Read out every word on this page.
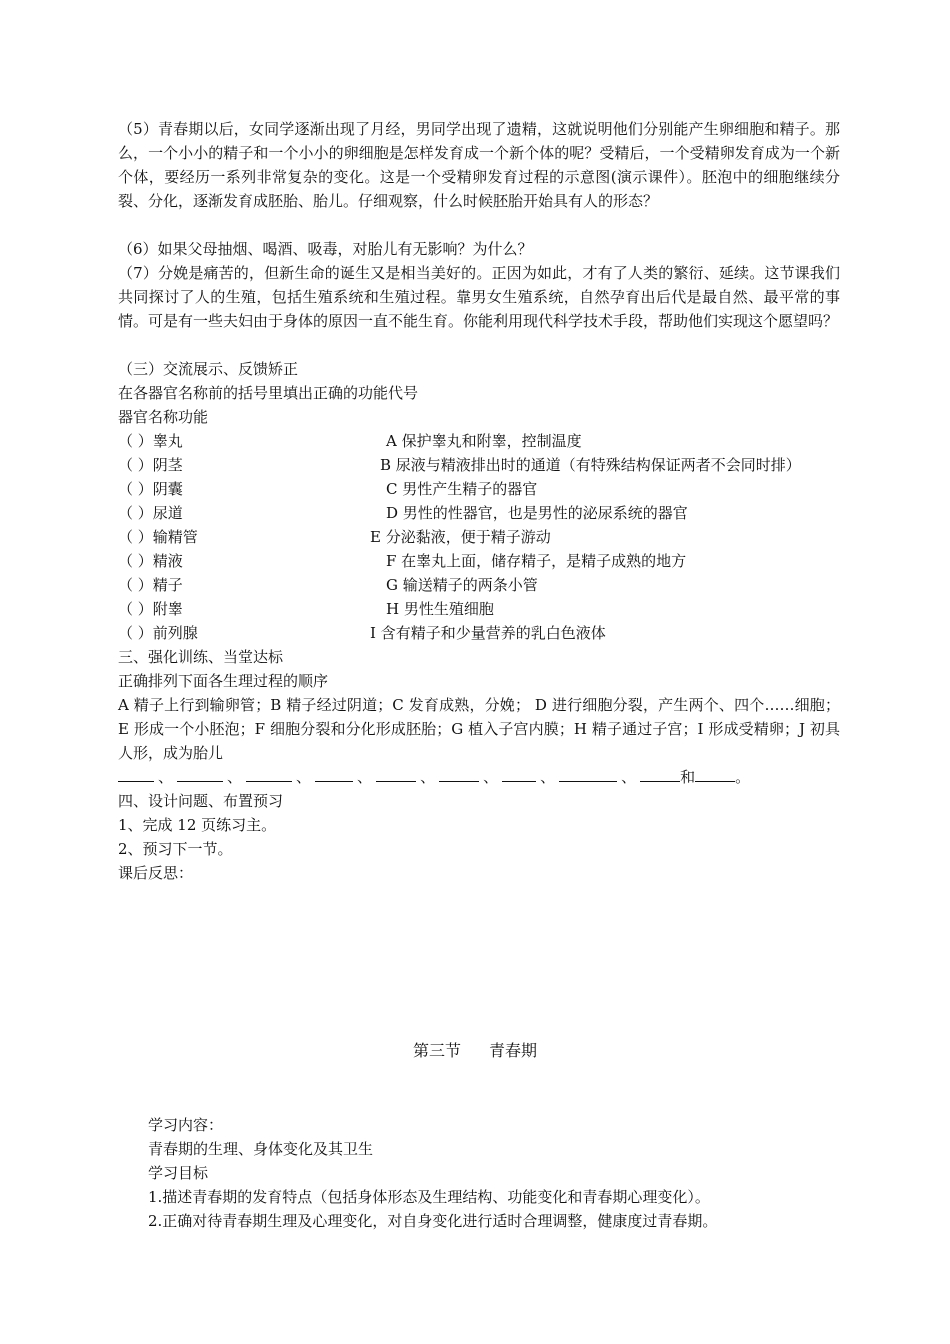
（5）青春期以后，女同学逐渐出现了月经，男同学出现了遗精，这就说明他们分别能产生卵细胞和精子。那么，一个小小的精子和一个小小的卵细胞是怎样发育成一个新个体的呢？受精后，一个受精卵发育成为一个新个体，要经历一系列非常复杂的变化。这是一个受精卵发育过程的示意图(演示课件）。胚泡中的细胞继续分裂、分化，逐渐发育成胚胎、胎儿。仔细观察，什么时候胚胎开始具有人的形态？

（6）如果父母抽烟、喝酒、吸毒，对胎儿有无影响？为什么？

（7）分娩是痛苦的，但新生命的诞生又是相当美好的。正因为如此，才有了人类的繁衍、延续。这节课我们共同探讨了人的生殖，包括生殖系统和生殖过程。靠男女生殖系统，自然孕育出后代是最自然、最平常的事情。可是有一些夫妇由于身体的原因一直不能生育。你能利用现代科学技术手段，帮助他们实现这个愿望吗？

（三）交流展示、反馈矫正
在各器官名称前的括号里填出正确的功能代号
器官名称功能
（ ）睾丸	A 保护睾丸和附睾，控制温度
（ ）阴茎	B 尿液与精液排出时的通道（有特殊结构保证两者不会同时排）
（ ）阴囊	C 男性产生精子的器官
（ ）尿道	D 男性的性器官，也是男性的泌尿系统的器官
（ ）输精管	E 分泌黏液，便于精子游动
（ ）精液	F 在睾丸上面，储存精子，是精子成熟的地方
（ ）精子	G 输送精子的两条小管
（ ）附睾	H 男性生殖细胞
（ ）前列腺	I 含有精子和少量营养的乳白色液体
三、强化训练、当堂达标
正确排列下面各生理过程的顺序

A 精子上行到输卵管；B 精子经过阴道；C 发育成熟，分娩； D 进行细胞分裂，产生两个、四个……细胞；E 形成一个小胚泡；F 细胞分裂和分化形成胚胎；G 植入子宫内膜；H 精子通过子宫；I 形成受精卵；J 初具人形，成为胎儿

、	、	、	、	、	、	、	、	和	。
四、设计问题、布置预习
1、完成 12 页练习主。
2、预习下一节。
课后反思：
第三节 青春期
学习内容：
青春期的生理、身体变化及其卫生
学习目标
1.描述青春期的发育特点（包括身体形态及生理结构、功能变化和青春期心理变化）。
2.正确对待青春期生理及心理变化，对自身变化进行适时合理调整，健康度过青春期。
